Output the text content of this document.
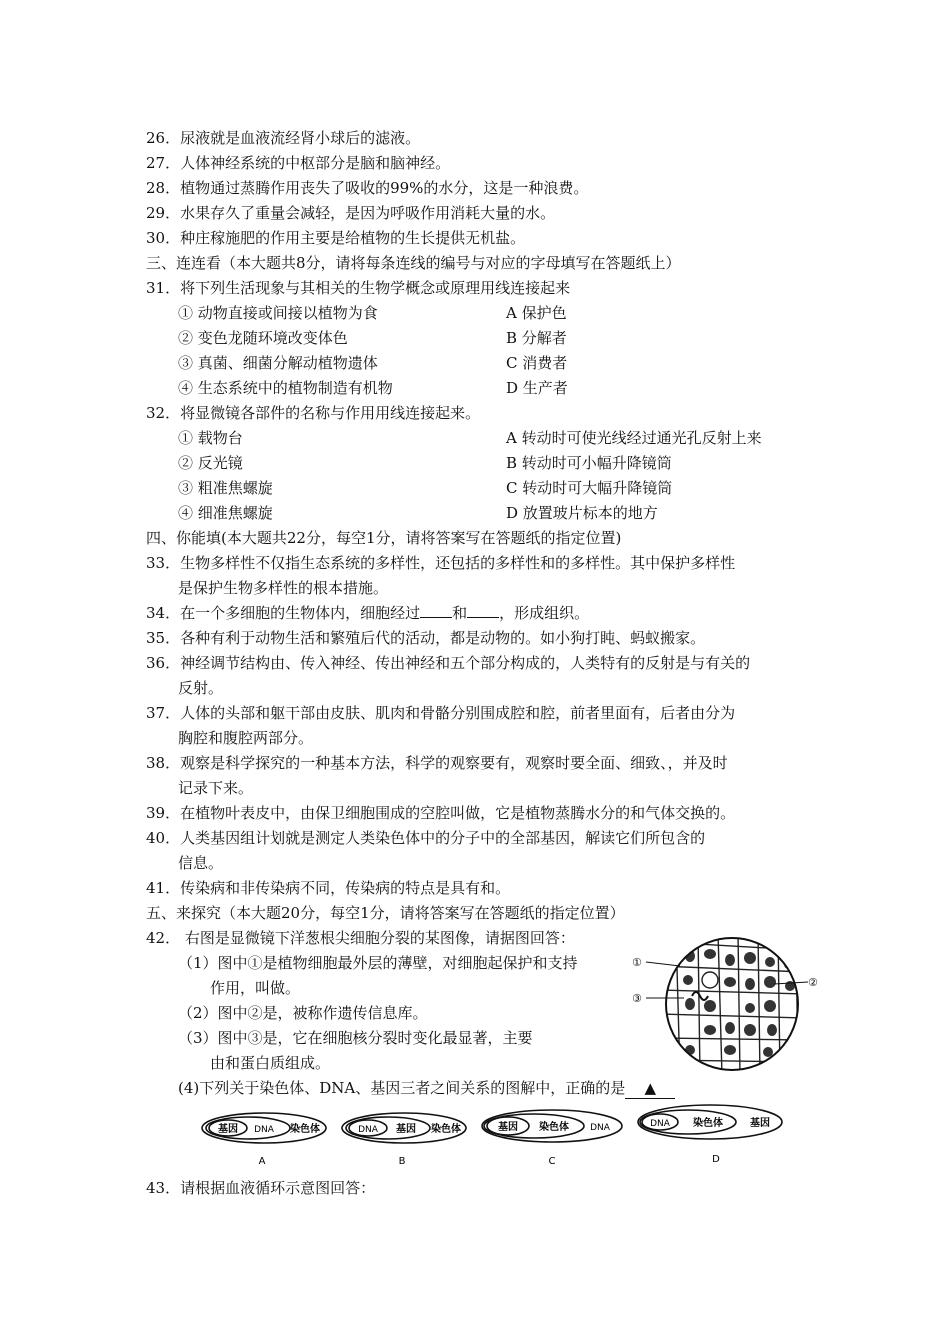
26．尿液就是血液流经肾小球后的滤液。
27．人体神经系统的中枢部分是脑和脑神经。
28．植物通过蒸腾作用丧失了吸收的99%的水分，这是一种浪费。
29．水果存久了重量会减轻，是因为呼吸作用消耗大量的水。
30．种庄稼施肥的作用主要是给植物的生长提供无机盐。
三、连连看（本大题共8分，请将每条连线的编号与对应的字母填写在答题纸上）
31．将下列生活现象与其相关的生物学概念或原理用线连接起来
① 动物直接或间接以植物为食	A 保护色
② 变色龙随环境改变体色	B 分解者
③ 真菌、细菌分解动植物遗体	C 消费者
④ 生态系统中的植物制造有机物	D 生产者
32．将显微镜各部件的名称与作用用线连接起来。
① 载物台	A 转动时可使光线经过通光孔反射上来
② 反光镜	B 转动时可小幅升降镜筒
③ 粗准焦螺旋	C 转动时可大幅升降镜筒
④ 细准焦螺旋	D 放置玻片标本的地方
四、你能填(本大题共22分，每空1分，请将答案写在答题纸的指定位置)
33．生物多样性不仅指生态系统的多样性，还包括的多样性和的多样性。其中保护多样性
是保护生物多样性的根本措施。
34．在一个多细胞的生物体内，细胞经过 和 ，形成组织。
35．各种有利于动物生活和繁殖后代的活动，都是动物的。如小狗打盹、蚂蚁搬家。
36．神经调节结构由、传入神经、传出神经和五个部分构成的，人类特有的反射是与有关的
反射。
37．人体的头部和躯干部由皮肤、肌肉和骨骼分别围成腔和腔，前者里面有，后者由分为
胸腔和腹腔两部分。
38．观察是科学探究的一种基本方法，科学的观察要有，观察时要全面、细致、，并及时
记录下来。
39．在植物叶表皮中，由保卫细胞围成的空腔叫做，它是植物蒸腾水分的和气体交换的。
40．人类基因组计划就是测定人类染色体中的分子中的全部基因，解读它们所包含的
信息。
41．传染病和非传染病不同，传染病的特点是具有和。
五、来探究（本大题20分，每空1分，请将答案写在答题纸的指定位置）
42． 右图是显微镜下洋葱根尖细胞分裂的某图像，请据图回答：
（1）图中①是植物细胞最外层的薄壁，对细胞起保护和支持
作用，叫做。
（2）图中②是，被称作遗传信息库。
（3）图中③是，它在细胞核分裂时变化最显著，主要
由和蛋白质组成。
(4)下列关于染色体、DNA、基因三者之间关系的图解中，正确的是 ▲
①
②
③
基因 DNA 染色体
A
DNA 基因 染色体
B
基因 染色体 DNA
C
DNA 染色体	基因
D
43．请根据血液循环示意图回答：
